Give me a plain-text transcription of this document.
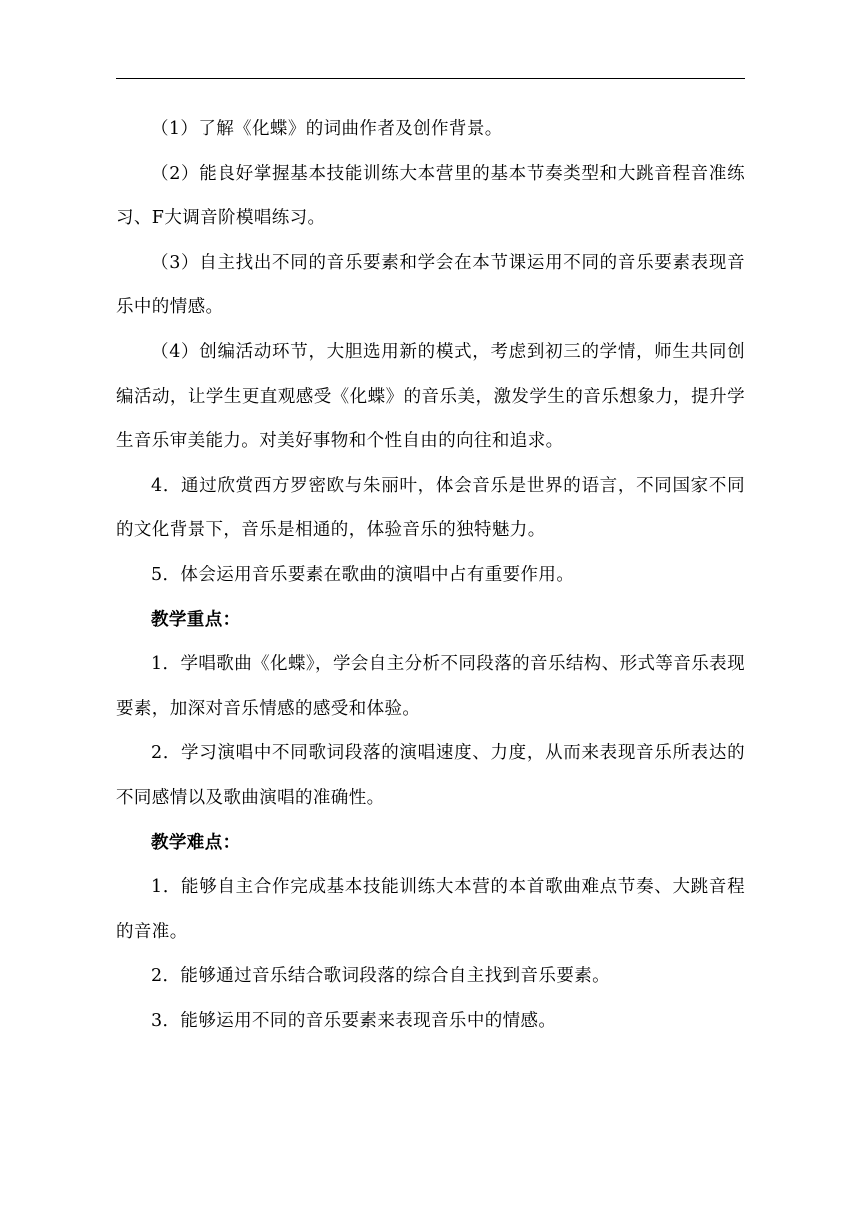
（1）了解《化蝶》的词曲作者及创作背景。

（2）能良好掌握基本技能训练大本营里的基本节奏类型和大跳音程音准练习、F大调音阶模唱练习。

（3）自主找出不同的音乐要素和学会在本节课运用不同的音乐要素表现音乐中的情感。

（4）创编活动环节，大胆选用新的模式，考虑到初三的学情，师生共同创编活动，让学生更直观感受《化蝶》的音乐美，激发学生的音乐想象力，提升学生音乐审美能力。对美好事物和个性自由的向往和追求。

4．通过欣赏西方罗密欧与朱丽叶，体会音乐是世界的语言，不同国家不同的文化背景下，音乐是相通的，体验音乐的独特魅力。

5．体会运用音乐要素在歌曲的演唱中占有重要作用。

教学重点：

1．学唱歌曲《化蝶》，学会自主分析不同段落的音乐结构、形式等音乐表现要素，加深对音乐情感的感受和体验。

2．学习演唱中不同歌词段落的演唱速度、力度，从而来表现音乐所表达的不同感情以及歌曲演唱的准确性。

教学难点：

1．能够自主合作完成基本技能训练大本营的本首歌曲难点节奏、大跳音程的音准。

2．能够通过音乐结合歌词段落的综合自主找到音乐要素。

3．能够运用不同的音乐要素来表现音乐中的情感。
